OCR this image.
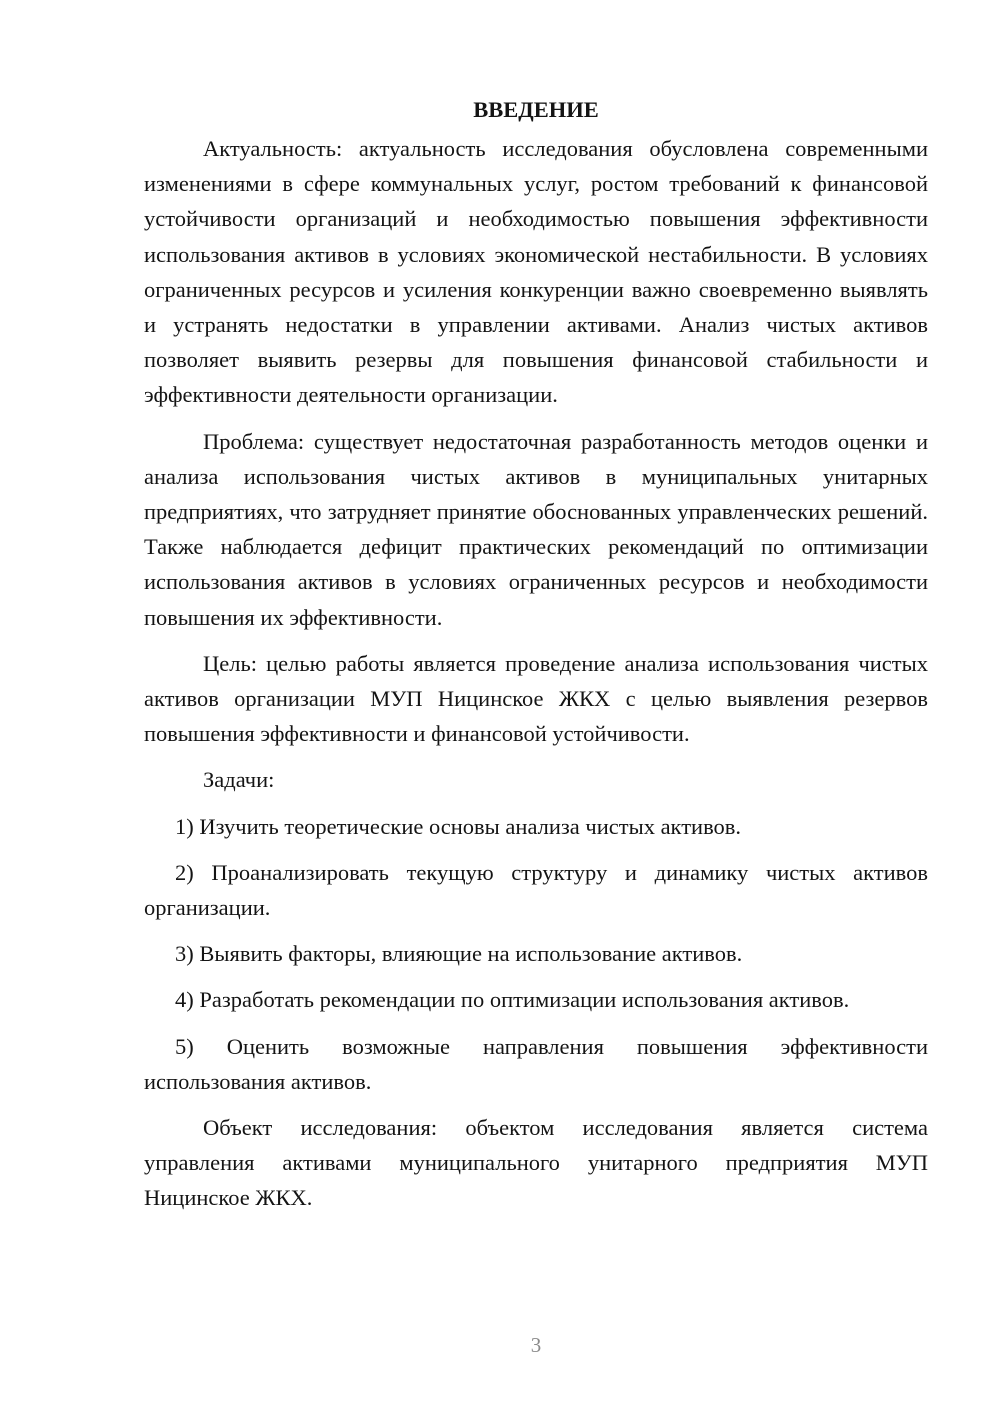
ВВЕДЕНИЕ

Актуальность: актуальность исследования обусловлена современными изменениями в сфере коммунальных услуг, ростом требований к финансовой устойчивости организаций и необходимостью повышения эффективности использования активов в условиях экономической нестабильности. В условиях ограниченных ресурсов и усиления конкуренции важно своевременно выявлять и устранять недостатки в управлении активами. Анализ чистых активов позволяет выявить резервы для повышения финансовой стабильности и эффективности деятельности организации.

Проблема: существует недостаточная разработанность методов оценки и анализа использования чистых активов в муниципальных унитарных предприятиях, что затрудняет принятие обоснованных управленческих решений. Также наблюдается дефицит практических рекомендаций по оптимизации использования активов в условиях ограниченных ресурсов и необходимости повышения их эффективности.

Цель: целью работы является проведение анализа использования чистых активов организации МУП Ницинское ЖКХ с целью выявления резервов повышения эффективности и финансовой устойчивости.

Задачи:

1) Изучить теоретические основы анализа чистых активов.

2) Проанализировать текущую структуру и динамику чистых активов организации.

3) Выявить факторы, влияющие на использование активов.

4) Разработать рекомендации по оптимизации использования активов.

5) Оценить возможные направления повышения эффективности использования активов.

Объект исследования: объектом исследования является система управления активами муниципального унитарного предприятия МУП Ницинское ЖКХ.

3
